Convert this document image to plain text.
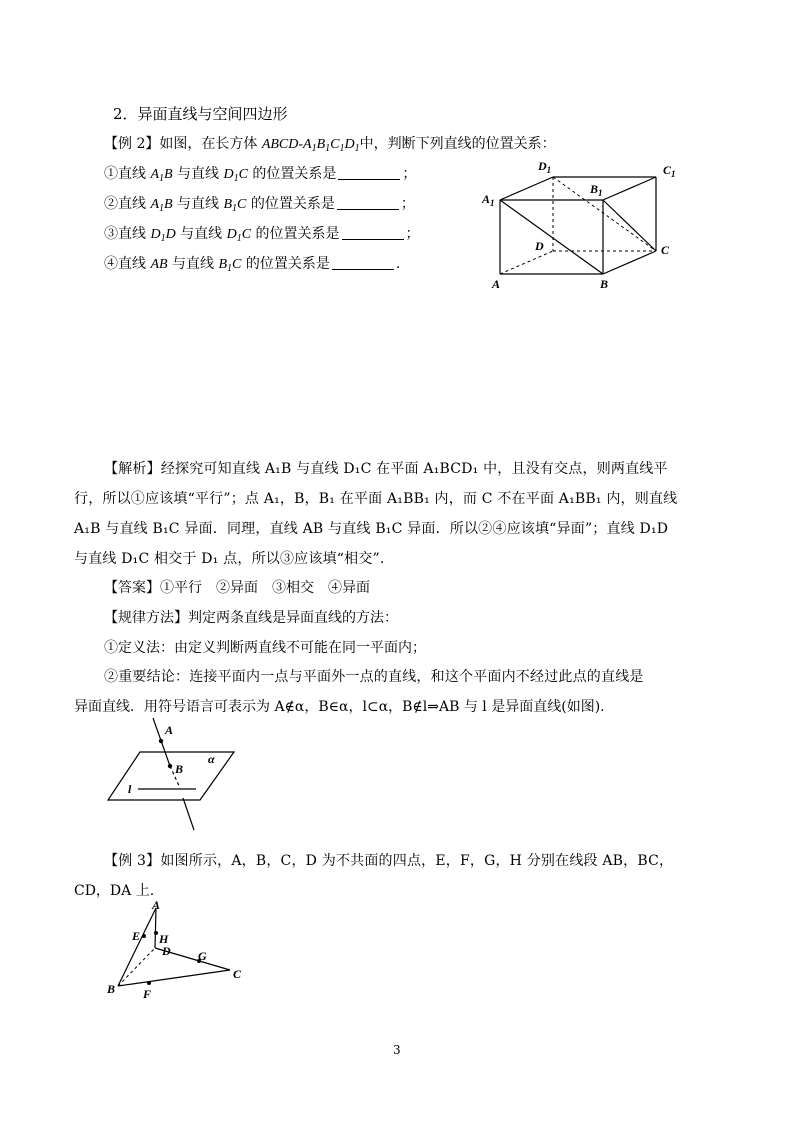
2．异面直线与空间四边形
【例 2】如图，在长方体 ABCD-$A_1B_1C_1D_1$中，判断下列直线的位置关系：
①直线 $A_1B$ 与直线 $D_1C$ 的位置关系是	；
②直线 $A_1B$ 与直线 $B_1C$ 的位置关系是	；
③直线 $D_1D$ 与直线 $D_1C$ 的位置关系是	；
④直线 AB 与直线 $B_1C$ 的位置关系是	.
$D_1$	$C_1$
$B_1$
$A_1$
D	C
A	B
【解析】经探究可知直线 A₁B 与直线 D₁C 在平面 A₁BCD₁ 中，且没有交点，则两直线平
行，所以①应该填“平行”；点 A₁，B，B₁ 在平面 A₁BB₁ 内，而 C 不在平面 A₁BB₁ 内，则直线
A₁B 与直线 B₁C 异面．同理，直线 AB 与直线 B₁C 异面．所以②④应该填“异面”；直线 D₁D
与直线 D₁C 相交于 D₁ 点，所以③应该填“相交”.
【答案】①平行　②异面　③相交　④异面
【规律方法】判定两条直线是异面直线的方法：
①定义法：由定义判断两直线不可能在同一平面内；
②重要结论：连接平面内一点与平面外一点的直线，和这个平面内不经过此点的直线是
异面直线．用符号语言可表示为 A∉α，B∈α，l⊂α，B∉l⇒AB 与 l 是异面直线(如图).
A
B
l
α
【例 3】如图所示，A，B，C，D 为不共面的四点，E，F，G，H 分别在线段 AB，BC，
CD，DA 上.
A
E H
D G
C
B F
3
